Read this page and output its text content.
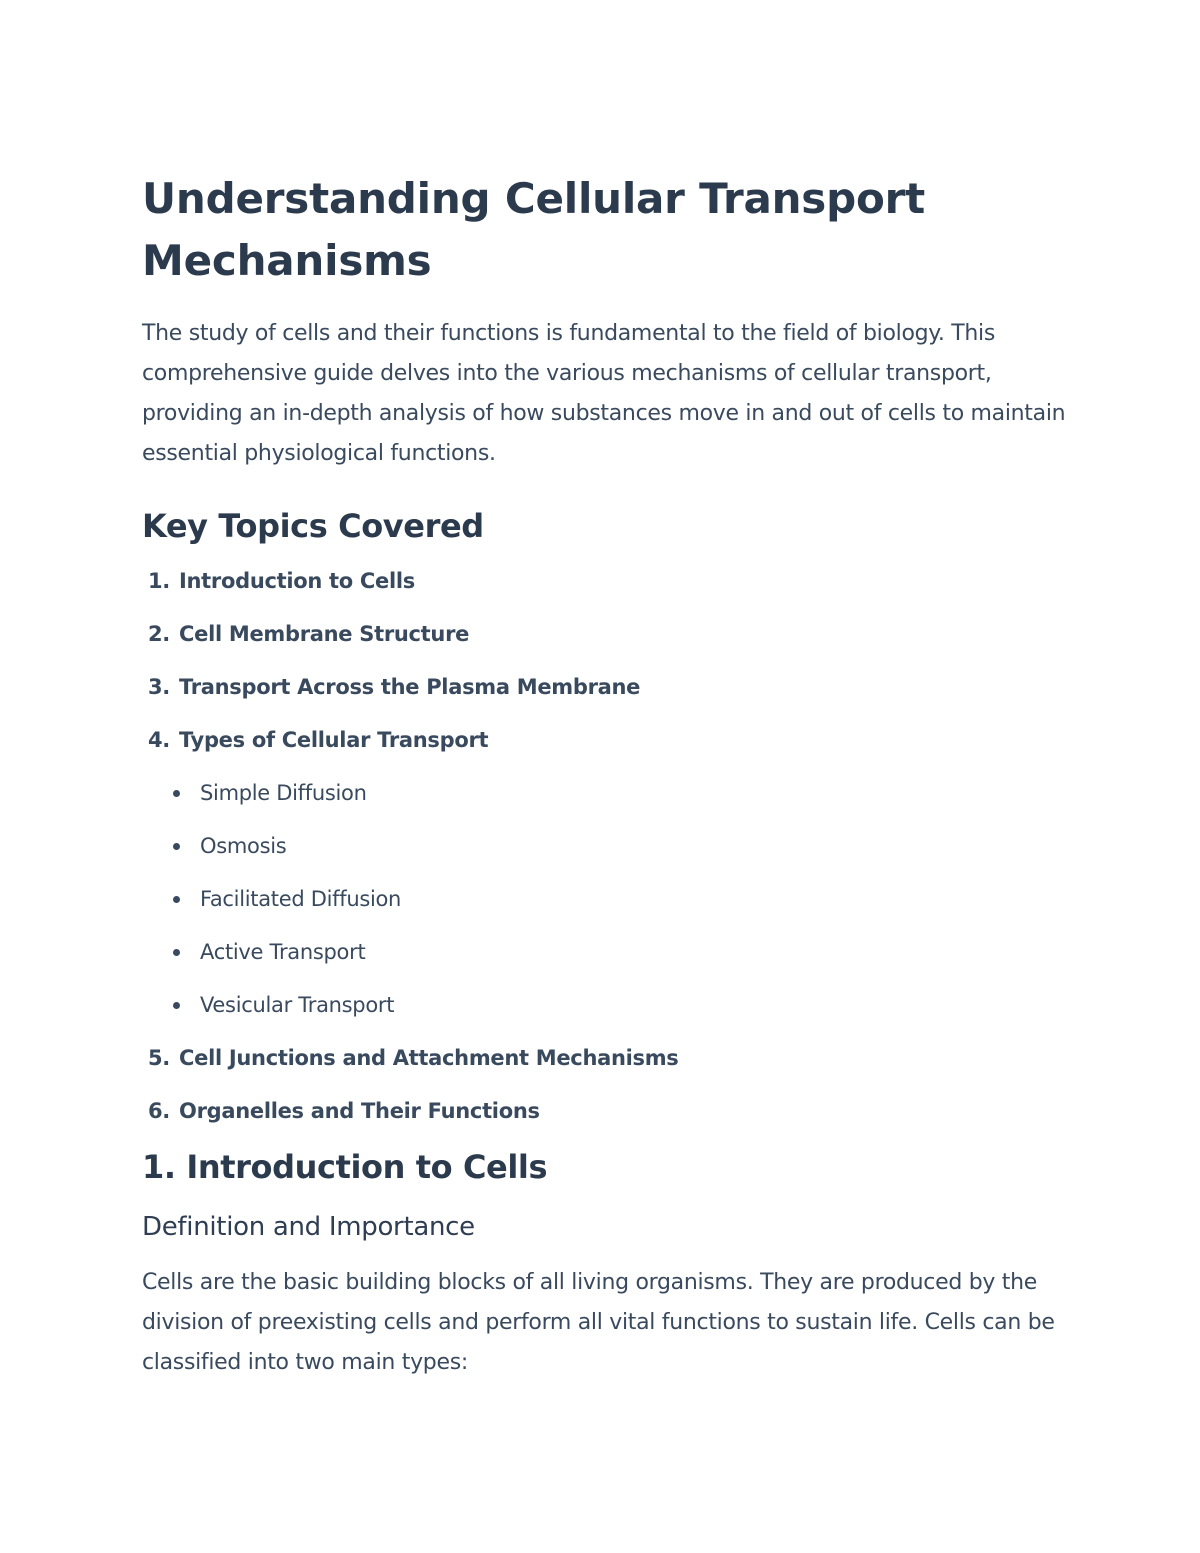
Understanding Cellular Transport Mechanisms

The study of cells and their functions is fundamental to the field of biology. This comprehensive guide delves into the various mechanisms of cellular transport, providing an in-depth analysis of how substances move in and out of cells to maintain essential physiological functions.

Key Topics Covered
1. Introduction to Cells
2. Cell Membrane Structure
3. Transport Across the Plasma Membrane
4. Types of Cellular Transport
Simple Diffusion
Osmosis
Facilitated Diffusion
Active Transport
Vesicular Transport
5. Cell Junctions and Attachment Mechanisms
6. Organelles and Their Functions
1. Introduction to Cells
Definition and Importance

Cells are the basic building blocks of all living organisms. They are produced by the division of preexisting cells and perform all vital functions to sustain life. Cells can be classified into two main types:
